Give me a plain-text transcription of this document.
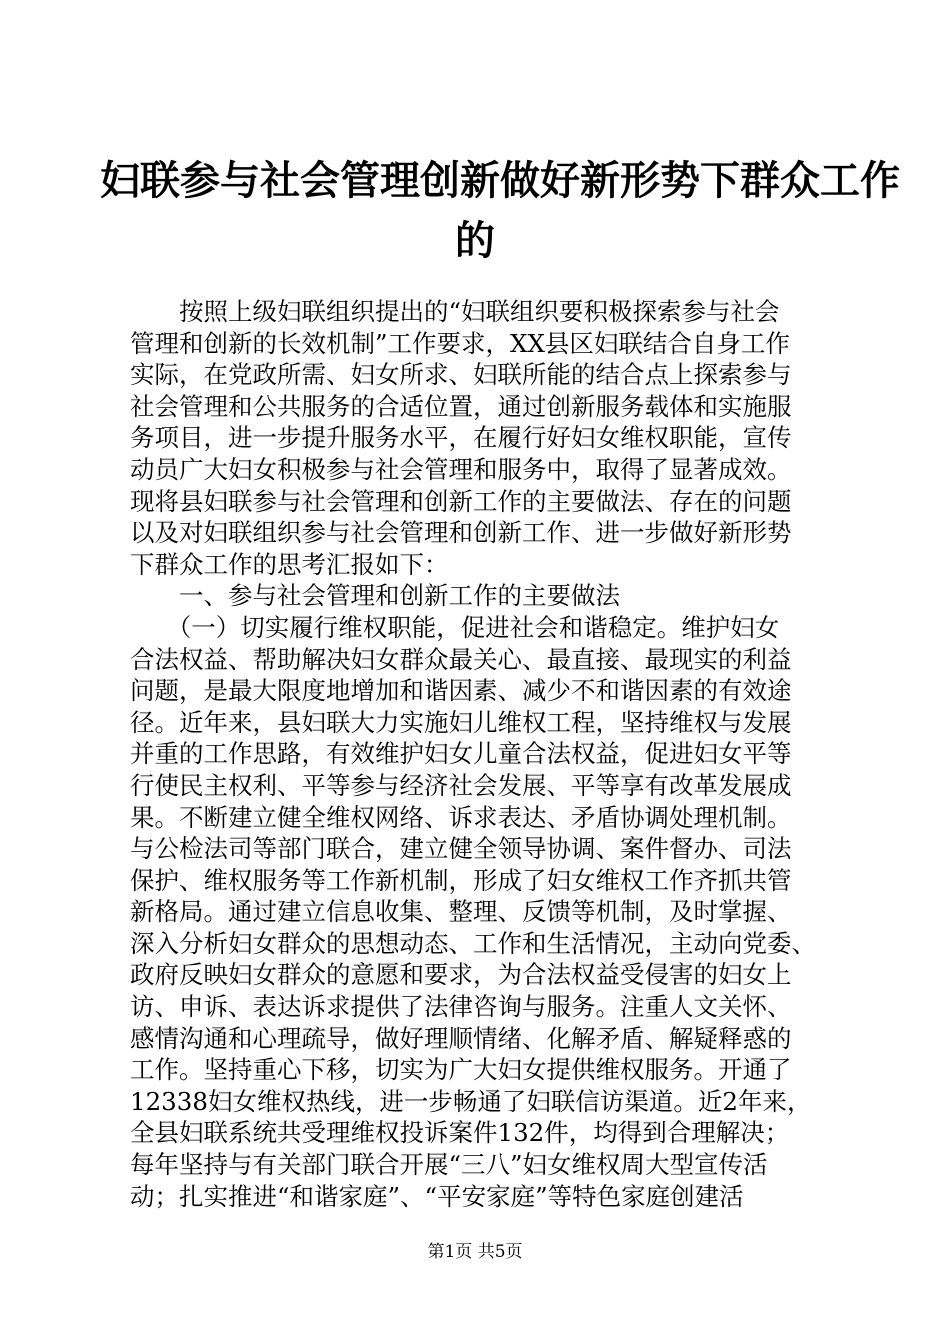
妇联参与社会管理创新做好新形势下群众工作
的
　　按照上级妇联组织提出的“妇联组织要积极探索参与社会
管理和创新的长效机制”工作要求，XX县区妇联结合自身工作
实际，在党政所需、妇女所求、妇联所能的结合点上探索参与
社会管理和公共服务的合适位置，通过创新服务载体和实施服
务项目，进一步提升服务水平，在履行好妇女维权职能，宣传
动员广大妇女积极参与社会管理和服务中，取得了显著成效。
现将县妇联参与社会管理和创新工作的主要做法、存在的问题
以及对妇联组织参与社会管理和创新工作、进一步做好新形势
下群众工作的思考汇报如下：
　　一、参与社会管理和创新工作的主要做法
　　（一）切实履行维权职能，促进社会和谐稳定。维护妇女
合法权益、帮助解决妇女群众最关心、最直接、最现实的利益
问题，是最大限度地增加和谐因素、减少不和谐因素的有效途
径。近年来，县妇联大力实施妇儿维权工程，坚持维权与发展
并重的工作思路，有效维护妇女儿童合法权益，促进妇女平等
行使民主权利、平等参与经济社会发展、平等享有改革发展成
果。不断建立健全维权网络、诉求表达、矛盾协调处理机制。
与公检法司等部门联合，建立健全领导协调、案件督办、司法
保护、维权服务等工作新机制，形成了妇女维权工作齐抓共管
新格局。通过建立信息收集、整理、反馈等机制，及时掌握、
深入分析妇女群众的思想动态、工作和生活情况，主动向党委、
政府反映妇女群众的意愿和要求，为合法权益受侵害的妇女上
访、申诉、表达诉求提供了法律咨询与服务。注重人文关怀、
感情沟通和心理疏导，做好理顺情绪、化解矛盾、解疑释惑的
工作。坚持重心下移，切实为广大妇女提供维权服务。开通了
12338妇女维权热线，进一步畅通了妇联信访渠道。近2年来，
全县妇联系统共受理维权投诉案件132件，均得到合理解决；
每年坚持与有关部门联合开展“三八”妇女维权周大型宣传活
动；扎实推进“和谐家庭”、“平安家庭”等特色家庭创建活
第1页 共5页
